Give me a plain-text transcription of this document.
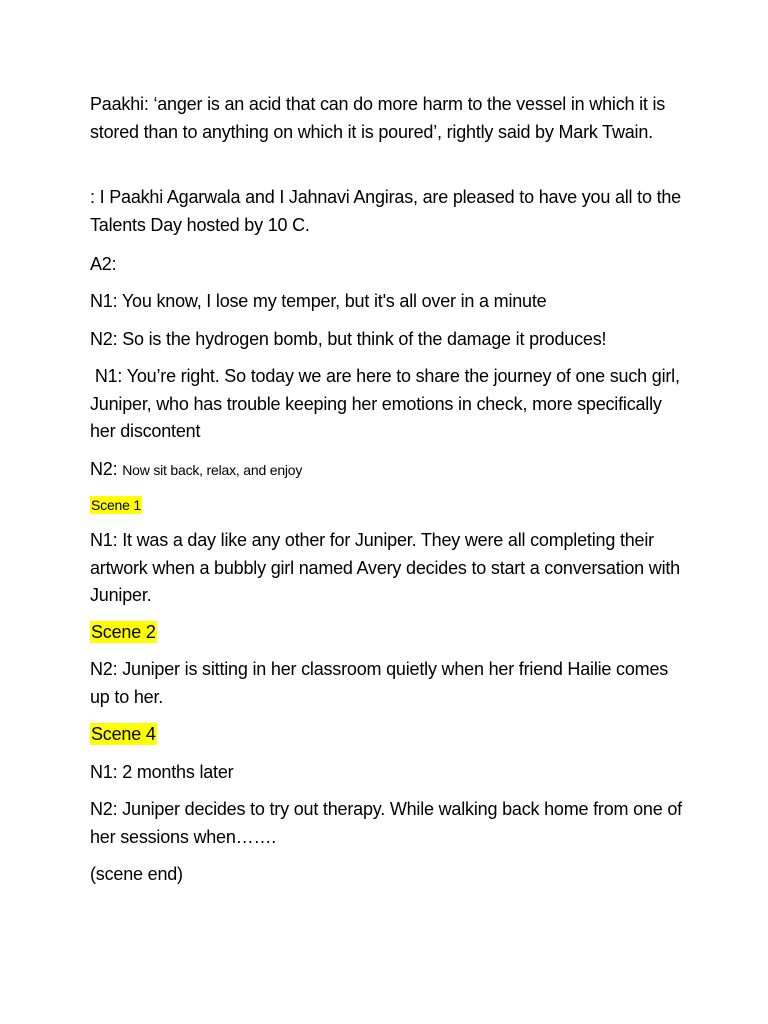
Paakhi: ‘anger is an acid that can do more harm to the vessel in which it is stored than to anything on which it is poured’, rightly said by Mark Twain.

: I Paakhi Agarwala and I Jahnavi Angiras, are pleased to have you all to the Talents Day hosted by 10 C.

A2:

N1: You know, I lose my temper, but it's all over in a minute

N2: So is the hydrogen bomb, but think of the damage it produces!

N1: You’re right. So today we are here to share the journey of one such girl, Juniper, who has trouble keeping her emotions in check, more specifically her discontent

N2: Now sit back, relax, and enjoy

Scene 1

N1: It was a day like any other for Juniper. They were all completing their artwork when a bubbly girl named Avery decides to start a conversation with Juniper.

Scene 2

N2: Juniper is sitting in her classroom quietly when her friend Hailie comes up to her.

Scene 4

N1: 2 months later

N2: Juniper decides to try out therapy. While walking back home from one of her sessions when…….

(scene end)
